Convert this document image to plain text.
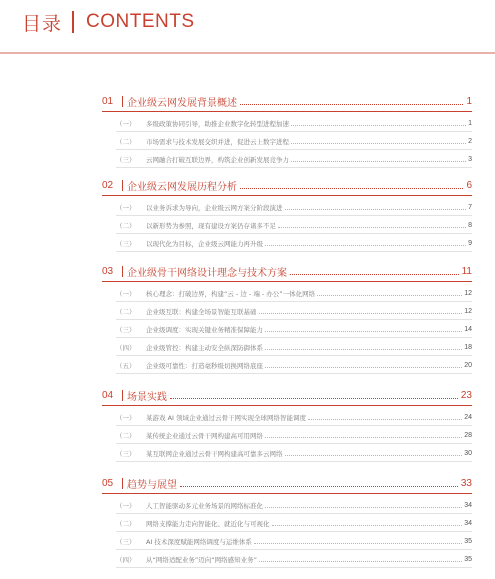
目录 CONTENTS
01	企业级云网发展背景概述	1
（一）	多级政策协同引导，助推企业数字化转型进程加速	1
（二）	市场需求与技术发展交织并进，促进云上数字进程	2
（三）	云网融合打破互联边界，构筑企业创新发展竞争力	3
02	企业级云网发展历程分析	6
（一）	以业务诉求为导向，企业级云网方案分阶段演进	7
（二）	以新形势为参照，现有建设方案仍存诸多不足	8
（三）	以现代化为目标，企业级云网能力再升级	9
03	企业级骨干网络设计理念与技术方案	11
（一）	核心理念：打破边界，构建“云 - 边 - 端 - 办公”一体化网络	12
（二）	企业级互联：构建全场景智能互联基础	12
（三）	企业级调度：实现关键业务精准保障能力	14
（四）	企业级管控：构建主动安全纵深防御体系	18
（五）	企业级可靠性：打造毫秒级切换网络底座	20
04	场景实践	23
（一）	某游戏 AI 领域企业通过云骨干网实现全球网络智能调度	24
（二）	某传统企业通过云骨干网构建高可用网络	28
（三）	某互联网企业通过云骨干网构建高可靠多云网络	30
05	趋势与展望	33
（一）	人工智能驱动多元业务场景的网络标准化	34
（二）	网络支撑能力走向智能化、就近化与可视化	34
（三）	AI 技术深度赋能网络调度与运维体系	35
（四）	从“网络适配业务”迈向“网络感知业务”	35
